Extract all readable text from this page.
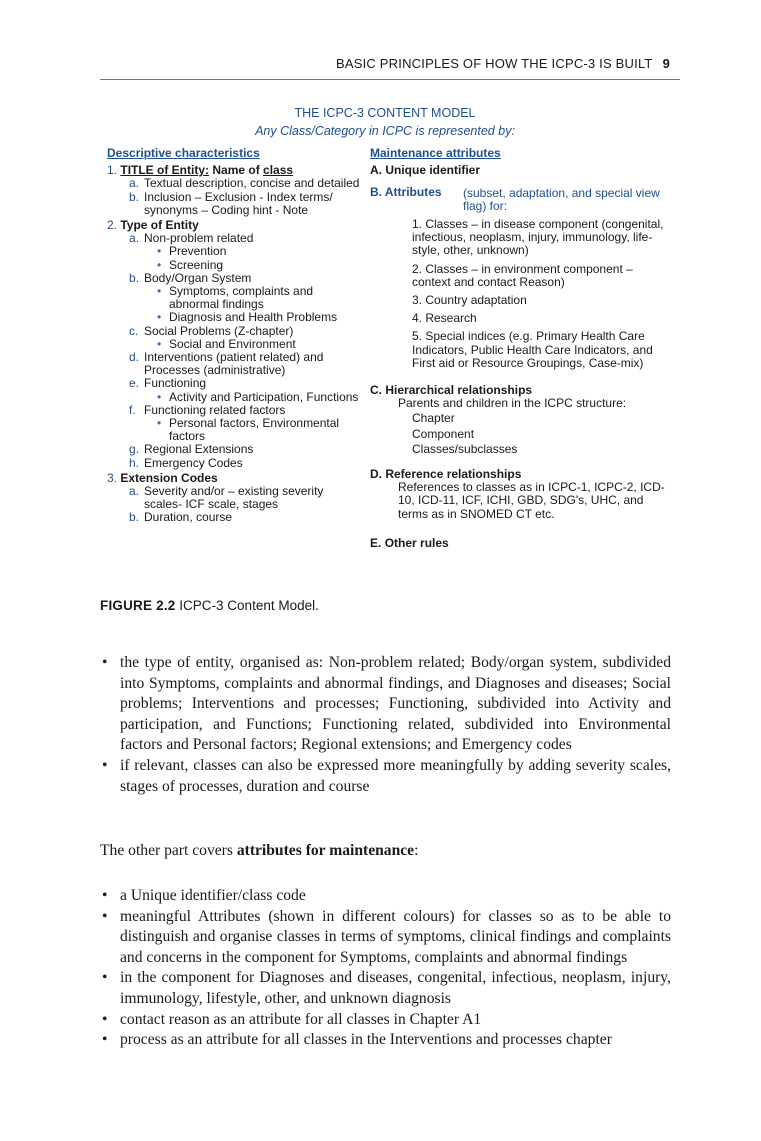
BASIC PRINCIPLES OF HOW THE ICPC-3 IS BUILT 9
THE ICPC-3 CONTENT MODEL
Any Class/Category in ICPC is represented by:
Descriptive characteristics
1. TITLE of Entity: Name of class
a. Textual description, concise and detailed
b. Inclusion – Exclusion - Index terms/ synonyms – Coding hint - Note
2. Type of Entity
a. Non-problem related
• Prevention
• Screening
b. Body/Organ System
• Symptoms, complaints and abnormal findings
• Diagnosis and Health Problems
c. Social Problems (Z-chapter)
• Social and Environment
d. Interventions (patient related) and Processes (administrative)
e. Functioning
• Activity and Participation, Functions
f. Functioning related factors
• Personal factors, Environmental factors
g. Regional Extensions
h. Emergency Codes
3. Extension Codes
a. Severity and/or – existing severity scales- ICF scale, stages
b. Duration, course
Maintenance attributes
A. Unique identifier
B. Attributes	(subset, adaptation, and special view flag) for:
1. Classes – in disease component (congenital, infectious, neoplasm, injury, immunology, life-style, other, unknown)
2. Classes – in environment component – context and contact Reason)
3. Country adaptation
4. Research
5. Special indices (e.g. Primary Health Care Indicators, Public Health Care Indicators, and First aid or Resource Groupings, Case-mix)
C. Hierarchical relationships
Parents and children in the ICPC structure:
Chapter
Component
Classes/subclasses
D. Reference relationships
References to classes as in ICPC-1, ICPC-2, ICD-10, ICD-11, ICF, ICHI, GBD, SDG's, UHC, and terms as in SNOMED CT etc.
E. Other rules
FIGURE 2.2 ICPC-3 Content Model.
• the type of entity, organised as: Non-problem related; Body/organ system, subdivided into Symptoms, complaints and abnormal findings, and Diagnoses and diseases; Social problems; Interventions and processes; Functioning, subdivided into Activity and participation, and Functions; Functioning related, subdivided into Environmental factors and Personal factors; Regional extensions; and Emergency codes
• if relevant, classes can also be expressed more meaningfully by adding severity scales, stages of processes, duration and course
The other part covers attributes for maintenance:
• a Unique identifier/class code
• meaningful Attributes (shown in different colours) for classes so as to be able to distinguish and organise classes in terms of symptoms, clinical findings and complaints and concerns in the component for Symptoms, complaints and abnormal findings
• in the component for Diagnoses and diseases, congenital, infectious, neoplasm, injury, immunology, lifestyle, other, and unknown diagnosis
• contact reason as an attribute for all classes in Chapter A1
• process as an attribute for all classes in the Interventions and processes chapter
